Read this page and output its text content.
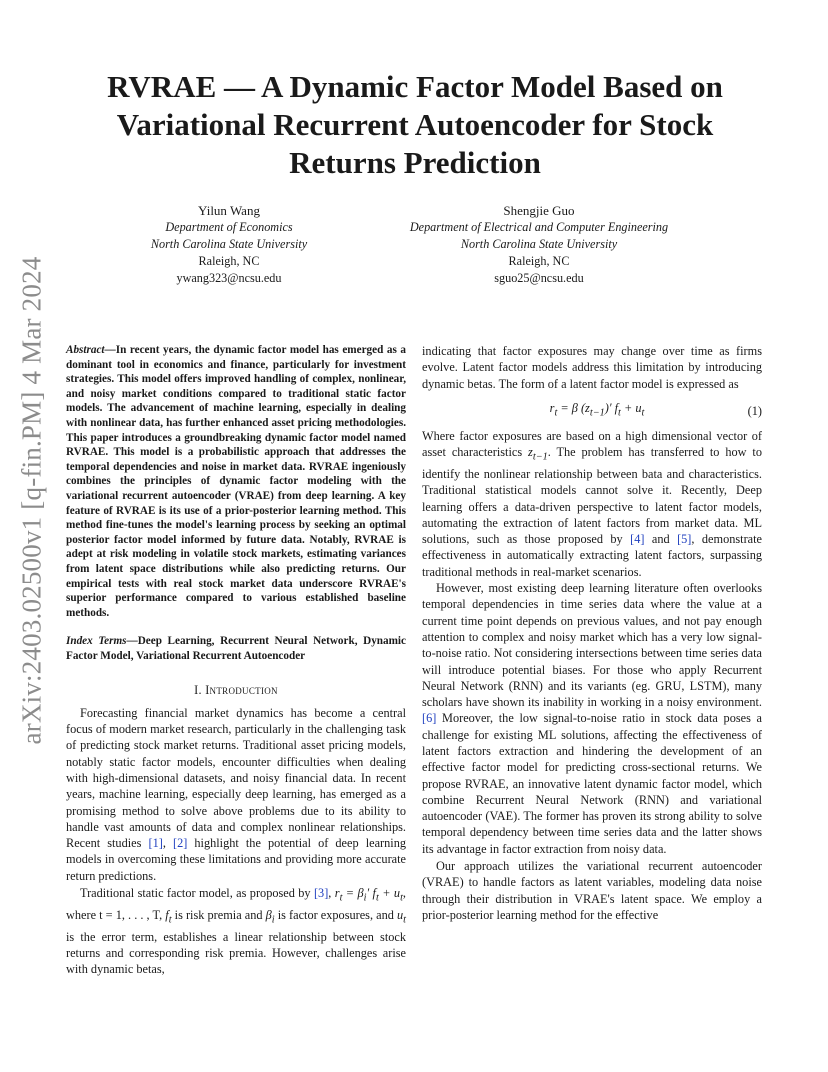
arXiv:2403.02500v1 [q-fin.PM] 4 Mar 2024
RVRAE — A Dynamic Factor Model Based on Variational Recurrent Autoencoder for Stock Returns Prediction
Yilun Wang
Department of Economics
North Carolina State University
Raleigh, NC
ywang323@ncsu.edu
Shengjie Guo
Department of Electrical and Computer Engineering
North Carolina State University
Raleigh, NC
sguo25@ncsu.edu

Abstract—In recent years, the dynamic factor model has emerged as a dominant tool in economics and finance, particularly for investment strategies. This model offers improved handling of complex, nonlinear, and noisy market conditions compared to traditional static factor models. The advancement of machine learning, especially in dealing with nonlinear data, has further enhanced asset pricing methodologies. This paper introduces a groundbreaking dynamic factor model named RVRAE. This model is a probabilistic approach that addresses the temporal dependencies and noise in market data. RVRAE ingeniously combines the principles of dynamic factor modeling with the variational recurrent autoencoder (VRAE) from deep learning. A key feature of RVRAE is its use of a prior-posterior learning method. This method fine-tunes the model's learning process by seeking an optimal posterior factor model informed by future data. Notably, RVRAE is adept at risk modeling in volatile stock markets, estimating variances from latent space distributions while also predicting returns. Our empirical tests with real stock market data underscore RVRAE's superior performance compared to various established baseline methods.

Index Terms—Deep Learning, Recurrent Neural Network, Dynamic Factor Model, Variational Recurrent Autoencoder

I. Introduction

Forecasting financial market dynamics has become a central focus of modern market research, particularly in the challenging task of predicting stock market returns. Traditional asset pricing models, notably static factor models, encounter difficulties when dealing with high-dimensional datasets, and noisy financial data. In recent years, machine learning, especially deep learning, has emerged as a promising method to solve above problems due to its ability to handle vast amounts of data and complex nonlinear relationships. Recent studies [1], [2] highlight the potential of deep learning models in overcoming these limitations and providing more accurate return predictions.

Traditional static factor model, as proposed by [3], $r_t = \beta_i'$ $f_t + u_t$, where t = 1, . . . , T, $f_t$ is risk premia and $\beta_i$ is factor exposures, and $u_t$ is the error term, establishes a linear relationship between stock returns and corresponding risk premia. However, challenges arise with dynamic betas,

indicating that factor exposures may change over time as firms evolve. Latent factor models address this limitation by introducing dynamic betas. The form of a latent factor model is expressed as

$r_t = \beta$ $(z_{t-1})'$ $f_t + u_t$	(1)

Where factor exposures are based on a high dimensional vector of asset characteristics $z_{t-1}$. The problem has transferred to how to identify the nonlinear relationship between bata and characteristics. Traditional statistical models cannot solve it. Recently, Deep learning offers a data-driven perspective to latent factor models, automating the extraction of latent factors from market data. ML solutions, such as those proposed by [4] and [5], demonstrate effectiveness in automatically extracting latent factors, surpassing traditional methods in real-market scenarios.

However, most existing deep learning literature often overlooks temporal dependencies in time series data where the value at a current time point depends on previous values, and not pay enough attention to complex and noisy market which has a very low signal-to-noise ratio. Not considering intersections between time series data will introduce potential biases. For those who apply Recurrent Neural Network (RNN) and its variants (eg. GRU, LSTM), many scholars have shown its inability in working in a noisy environment. [6] Moreover, the low signal-to-noise ratio in stock data poses a challenge for existing ML solutions, affecting the effectiveness of latent factors extraction and hindering the development of an effective factor model for predicting cross-sectional returns. We propose RVRAE, an innovative latent dynamic factor model, which combine Recurrent Neural Network (RNN) and variational autoencoder (VAE). The former has proven its strong ability to solve temporal dependency between time series data and the latter shows its advantage in factor extraction from noisy data.

Our approach utilizes the variational recurrent autoencoder (VRAE) to handle factors as latent variables, modeling data noise through their distribution in VRAE's latent space. We employ a prior-posterior learning method for the effective
